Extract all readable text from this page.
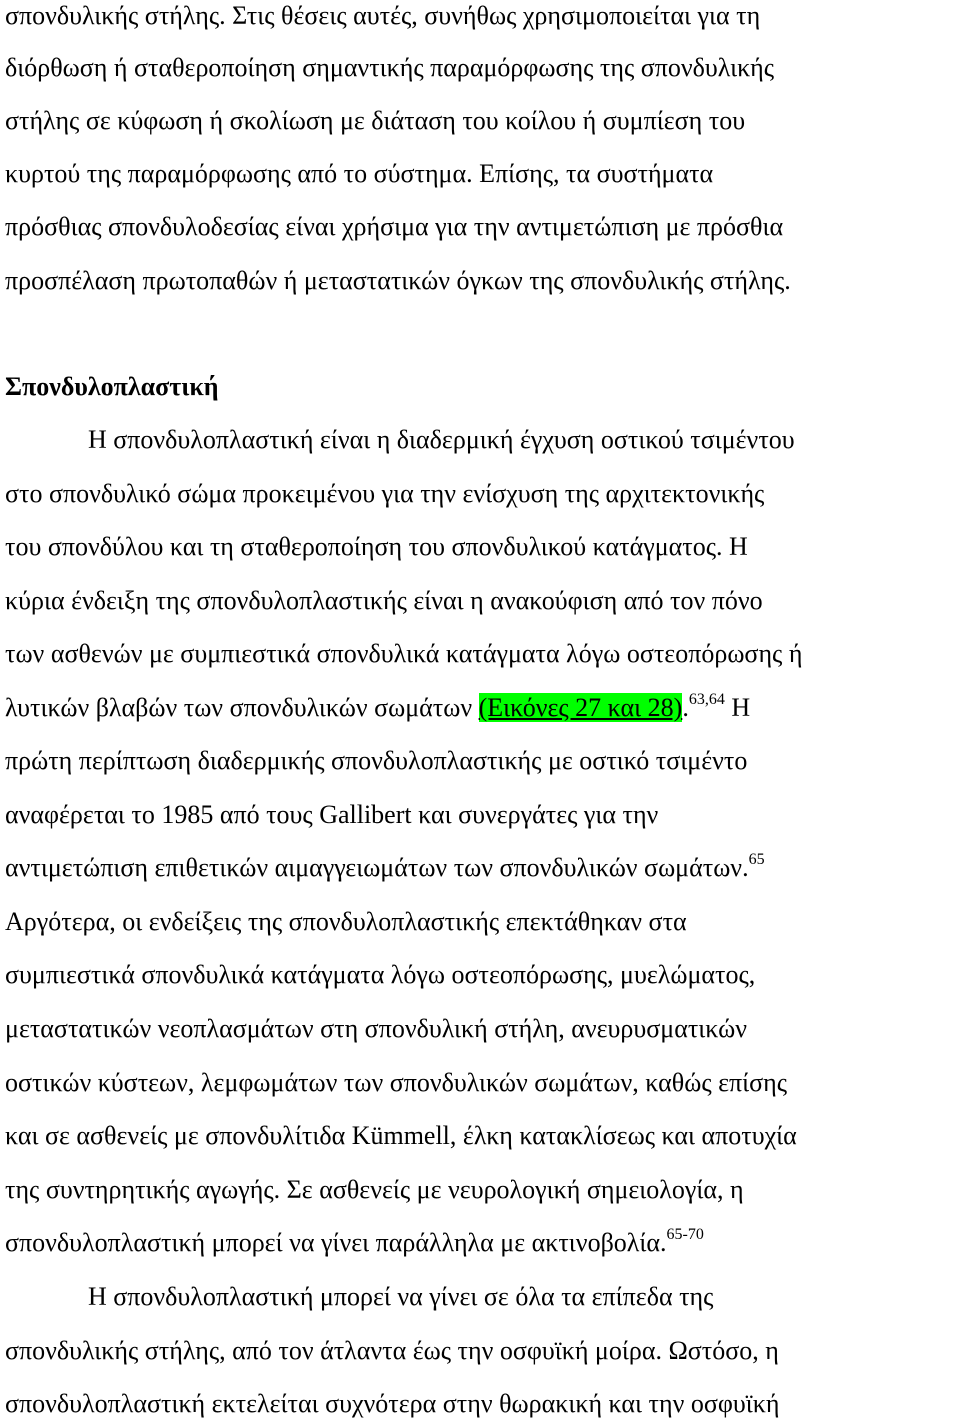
σπονδυλικής στήλης. Στις θέσεις αυτές, συνήθως χρησιμοποιείται για τη
διόρθωση ή σταθεροποίηση σημαντικής παραμόρφωσης της σπονδυλικής
στήλης σε κύφωση ή σκολίωση με διάταση του κοίλου ή συμπίεση του
κυρτού της παραμόρφωσης από το σύστημα. Επίσης, τα συστήματα
πρόσθιας σπονδυλοδεσίας είναι χρήσιμα για την αντιμετώπιση με πρόσθια
προσπέλαση πρωτοπαθών ή μεταστατικών όγκων της σπονδυλικής στήλης.
Σπονδυλοπλαστική
Η σπονδυλοπλαστική είναι η διαδερμική έγχυση οστικού τσιμέντου
στο σπονδυλικό σώμα προκειμένου για την ενίσχυση της αρχιτεκτονικής
του σπονδύλου και τη σταθεροποίηση του σπονδυλικού κατάγματος. Η
κύρια ένδειξη της σπονδυλοπλαστικής είναι η ανακούφιση από τον πόνο
των ασθενών με συμπιεστικά σπονδυλικά κατάγματα λόγω οστεοπόρωσης ή
λυτικών βλαβών των σπονδυλικών σωμάτων (Εικόνες 27 και 28).$^{63,64}$ Η
πρώτη περίπτωση διαδερμικής σπονδυλοπλαστικής με οστικό τσιμέντο
αναφέρεται το 1985 από τους Gallibert και συνεργάτες για την
αντιμετώπιση επιθετικών αιμαγγειωμάτων των σπονδυλικών σωμάτων.$^{65}$
Αργότερα, οι ενδείξεις της σπονδυλοπλαστικής επεκτάθηκαν στα
συμπιεστικά σπονδυλικά κατάγματα λόγω οστεοπόρωσης, μυελώματος,
μεταστατικών νεοπλασμάτων στη σπονδυλική στήλη, ανευρυσματικών
οστικών κύστεων, λεμφωμάτων των σπονδυλικών σωμάτων, καθώς επίσης
και σε ασθενείς με σπονδυλίτιδα Kümmell, έλκη κατακλίσεως και αποτυχία
της συντηρητικής αγωγής. Σε ασθενείς με νευρολογική σημειολογία, η
σπονδυλοπλαστική μπορεί να γίνει παράλληλα με ακτινοβολία.$^{65-70}$
Η σπονδυλοπλαστική μπορεί να γίνει σε όλα τα επίπεδα της
σπονδυλικής στήλης, από τον άτλαντα έως την οσφυϊκή μοίρα. Ωστόσο, η
σπονδυλοπλαστική εκτελείται συχνότερα στην θωρακική και την οσφυϊκή
